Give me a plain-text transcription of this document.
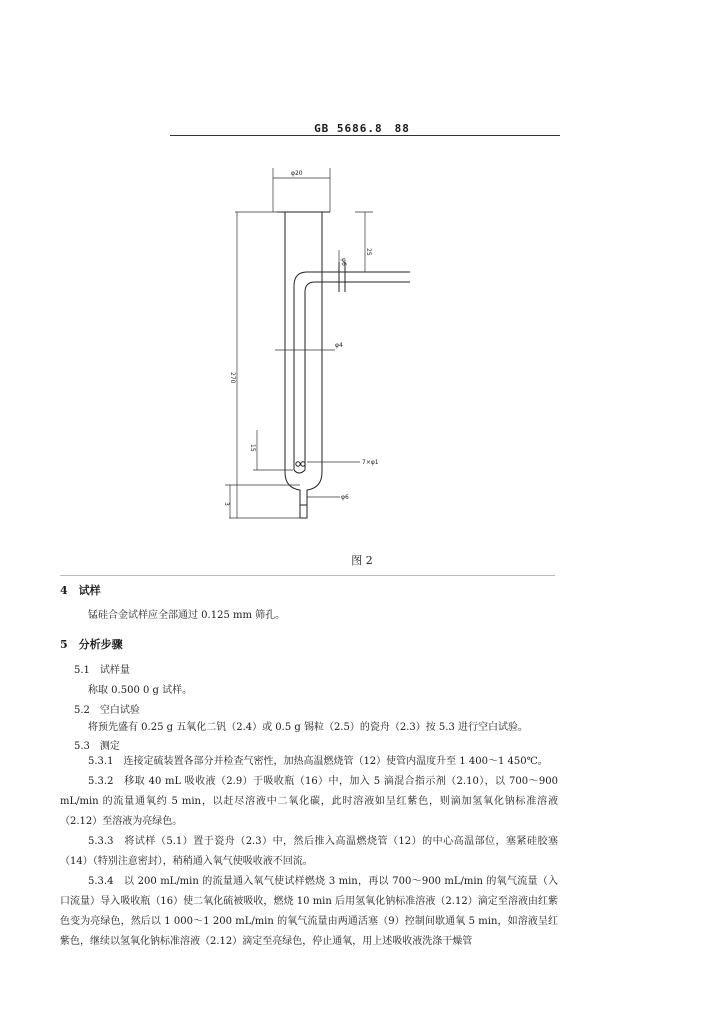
GB 5686.8　88
φ20
25
φ6
φ4
270
15
7×φ1
3
φ6
图 2
4　试样
锰硅合金试样应全部通过 0.125 mm 筛孔。
5　分析步骤
5.1　试样量
称取 0.500 0 g 试样。
5.2　空白试验
将预先盛有 0.25 g 五氧化二钒（2.4）或 0.5 g 锡粒（2.5）的瓷舟（2.3）按 5.3 进行空白试验。
5.3　测定

5.3.1　连接定硫装置各部分并检查气密性，加热高温燃烧管（12）使管内温度升至 1 400～1 450℃。

5.3.2　移取 40 mL 吸收液（2.9）于吸收瓶（16）中，加入 5 滴混合指示剂（2.10），以 700～900 mL/min 的流量通氧约 5 min，以赶尽溶液中二氧化碳，此时溶液如呈红紫色，则滴加氢氧化钠标准溶液（2.12）至溶液为亮绿色。

5.3.3　将试样（5.1）置于瓷舟（2.3）中，然后推入高温燃烧管（12）的中心高温部位，塞紧硅胶塞（14）（特别注意密封），稍稍通入氧气使吸收液不回流。

5.3.4　以 200 mL/min 的流量通入氧气使试样燃烧 3 min，再以 700～900 mL/min 的氧气流量（入口流量）导入吸收瓶（16）使二氧化硫被吸收，燃烧 10 min 后用氢氧化钠标准溶液（2.12）滴定至溶液由红紫色变为亮绿色，然后以 1 000～1 200 mL/min 的氧气流量由两通活塞（9）控制间歇通氧 5 min，如溶液呈红紫色，继续以氢氧化钠标准溶液（2.12）滴定至亮绿色，停止通氧，用上述吸收液洗涤干燥管
